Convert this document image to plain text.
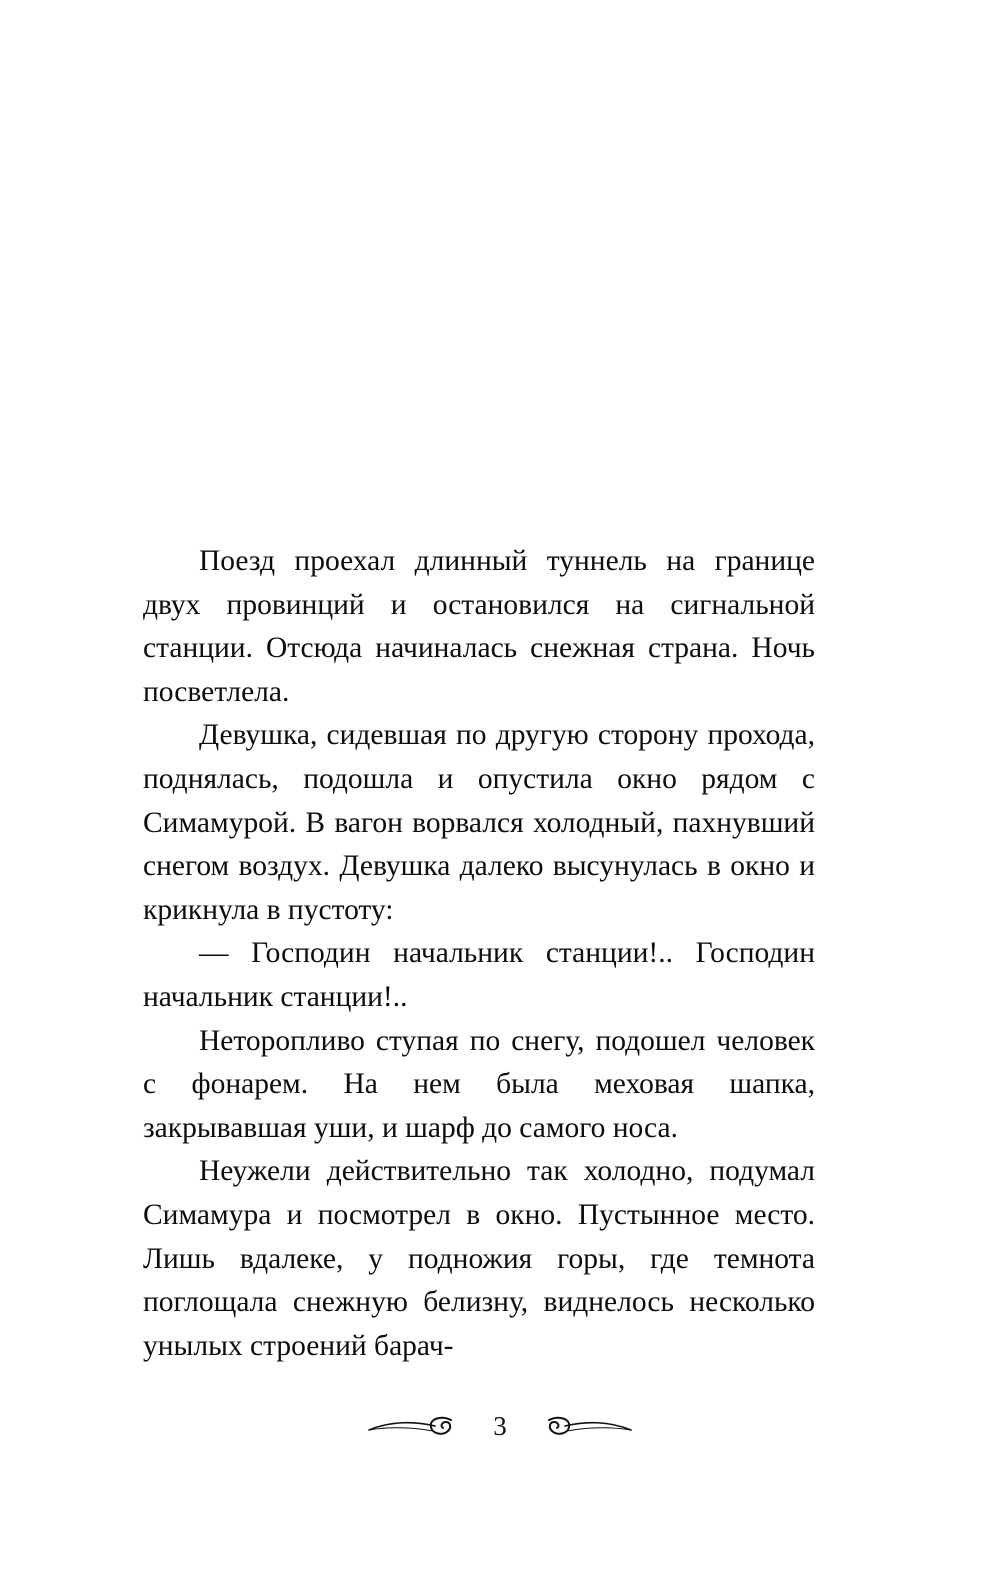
Поезд проехал длинный туннель на границе двух провинций и остановился на сигнальной станции. Отсюда начиналась снежная страна. Ночь посветлела.

Девушка, сидевшая по другую сторону прохода, поднялась, подошла и опустила окно рядом с Симамурой. В вагон ворвался холодный, пахнувший снегом воздух. Девушка далеко высунулась в окно и крикнула в пустоту:

— Господин начальник станции!.. Господин начальник станции!..

Неторопливо ступая по снегу, подошел человек с фонарем. На нем была меховая шапка, закрывавшая уши, и шарф до самого носа.

Неужели действительно так холодно, подумал Симамура и посмотрел в окно. Пустынное место. Лишь вдалеке, у подножия горы, где темнота поглощала снежную белизну, виднелось несколько унылых строений барач-

3
